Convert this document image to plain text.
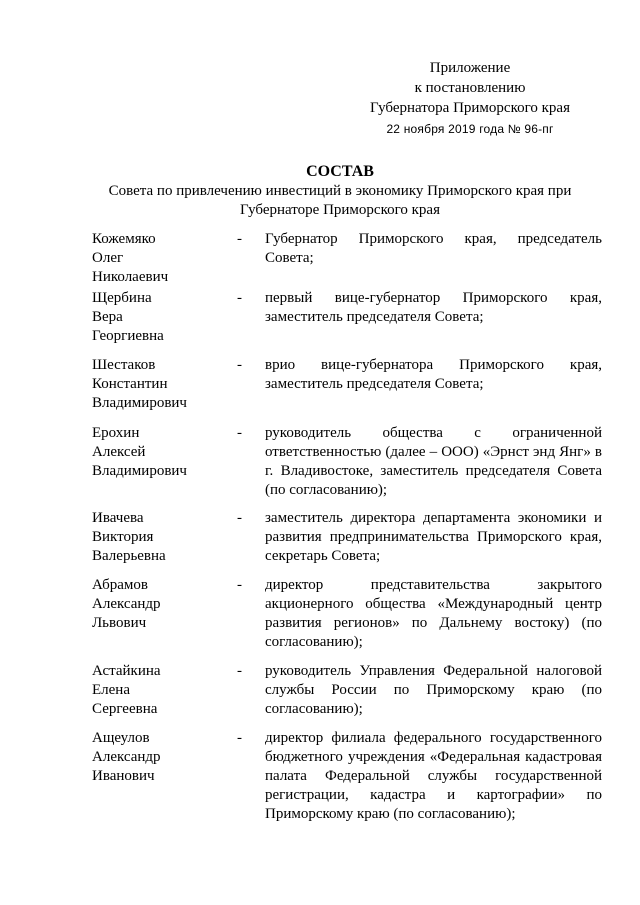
Приложение
к постановлению
Губернатора Приморского края
22 ноября 2019 года № 96-пг
СОСТАВ
Совета по привлечению инвестиций в экономику Приморского края при Губернаторе Приморского края
Кожемяко
Олег
Николаевич
-	Губернатор Приморского края, председатель Совета;
Щербина
Вера
Георгиевна
-	первый вице-губернатор Приморского края, заместитель председателя Совета;
Шестаков
Константин
Владимирович
-	врио вице-губернатора Приморского края, заместитель председателя Совета;
Ерохин
Алексей
Владимирович
-	руководитель общества с ограниченной ответственностью (далее – ООО) «Эрнст энд Янг» в г. Владивостоке, заместитель председателя Совета (по согласованию);
Ивачева
Виктория
Валерьевна
-	заместитель директора департамента экономики и развития предпринимательства Приморского края, секретарь Совета;
Абрамов
Александр
Львович
-	директор представительства закрытого акционерного общества «Международный центр развития регионов» по Дальнему востоку) (по согласованию);
Астайкина
Елена
Сергеевна
-	руководитель Управления Федеральной налоговой службы России по Приморскому краю (по согласованию);
Ащеулов
Александр
Иванович
-	директор филиала федерального государственного бюджетного учреждения «Федеральная кадастровая палата Федеральной службы государственной регистрации, кадастра и картографии» по Приморскому краю (по согласованию);
